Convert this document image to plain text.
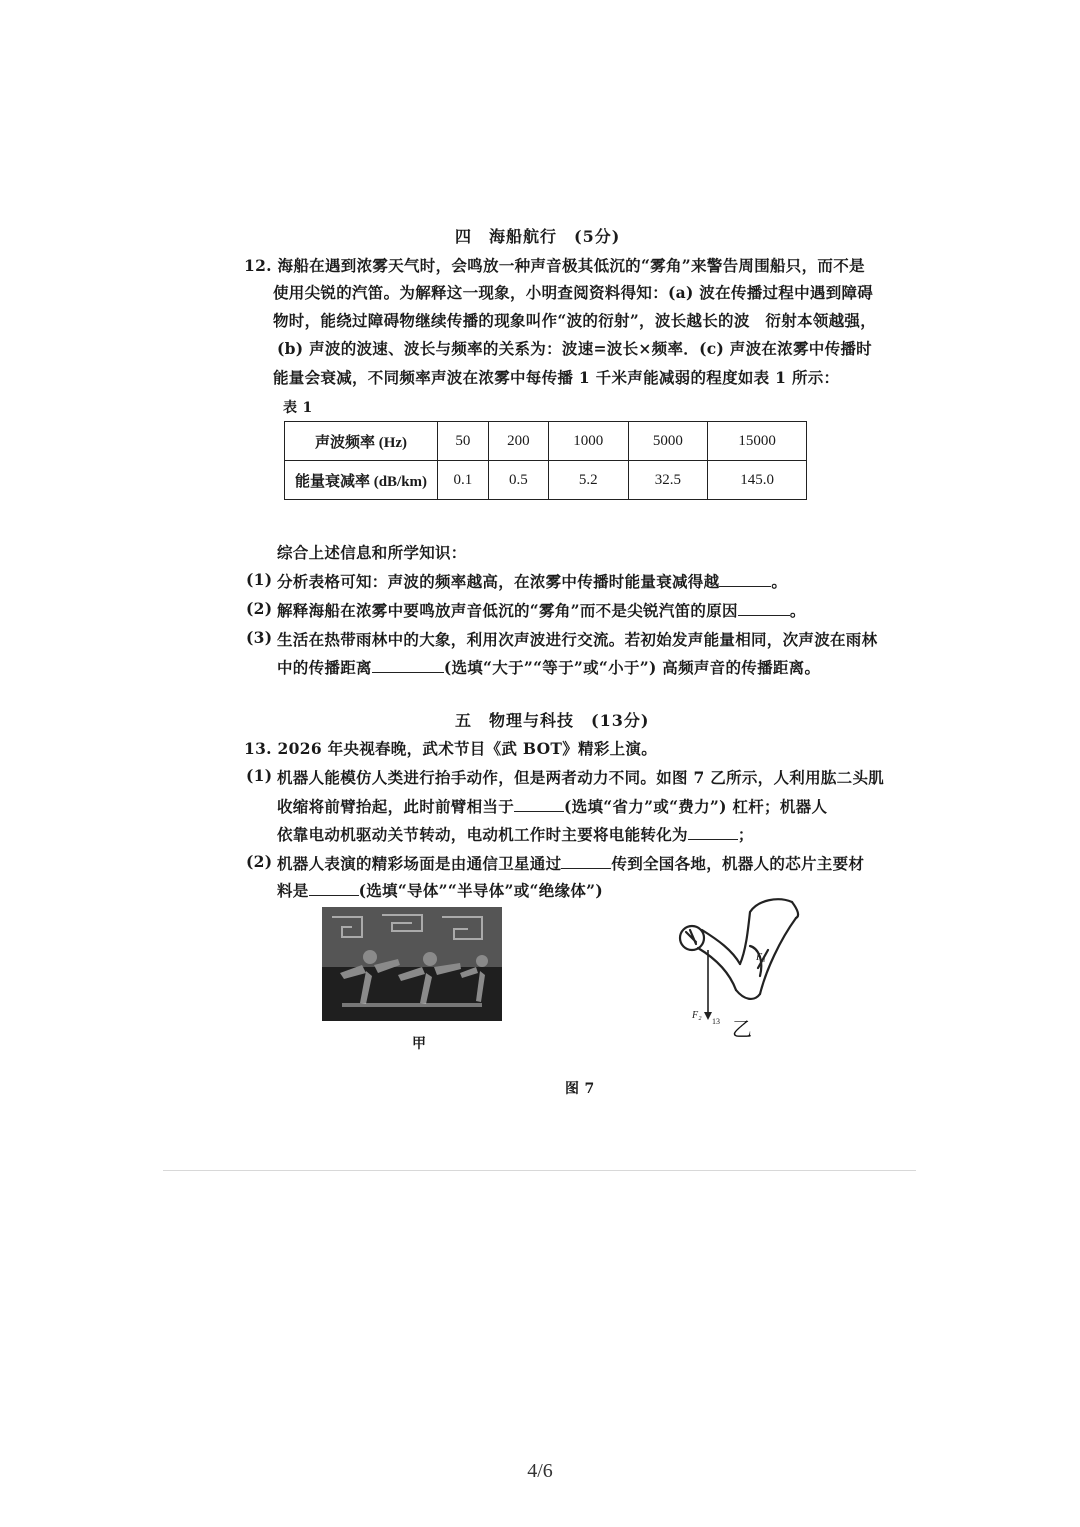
四　海船航行　(5分)
12. 海船在遇到浓雾天气时，会鸣放一种声音极其低沉的“雾角”来警告周围船只，而不是
使用尖锐的汽笛。为解释这一现象，小明查阅资料得知：(a) 波在传播过程中遇到障碍
物时，能绕过障碍物继续传播的现象叫作“波的衍射”，波长越长的波　衍射本领越强，
(b) 声波的波速、波长与频率的关系为：波速=波长×频率．(c) 声波在浓雾中传播时
能量会衰减，不同频率声波在浓雾中每传播 1 千米声能减弱的程度如表 1 所示：
表 1
声波频率 (Hz)	50	200	1000	5000	15000
能量衰减率 (dB/km)	0.1	0.5	5.2	32.5	145.0
综合上述信息和所学知识：
(1) 分析表格可知：声波的频率越高，在浓雾中传播时能量衰减得越	。
(2) 解释海船在浓雾中要鸣放声音低沉的“雾角”而不是尖锐汽笛的原因	。
(3) 生活在热带雨林中的大象，利用次声波进行交流。若初始发声能量相同，次声波在雨林
中的传播距离	(选填“大于”“等于”或“小于”) 高频声音的传播距离。
五　物理与科技　(13分)
13. 2026 年央视春晚，武术节目《武 BOT》精彩上演。
(1) 机器人能模仿人类进行抬手动作，但是两者动力不同。如图 7 乙所示，人利用肱二头肌
收缩将前臂抬起，此时前臂相当于	(选填“省力”或“费力”) 杠杆；机器人
依靠电动机驱动关节转动，电动机工作时主要将电能转化为	；
(2) 机器人表演的精彩场面是由通信卫星通过	传到全国各地，机器人的芯片主要材
料是	(选填“导体”“半导体”或“绝缘体”)
甲
F₁
F₂
13 乙
图 7
4/6
